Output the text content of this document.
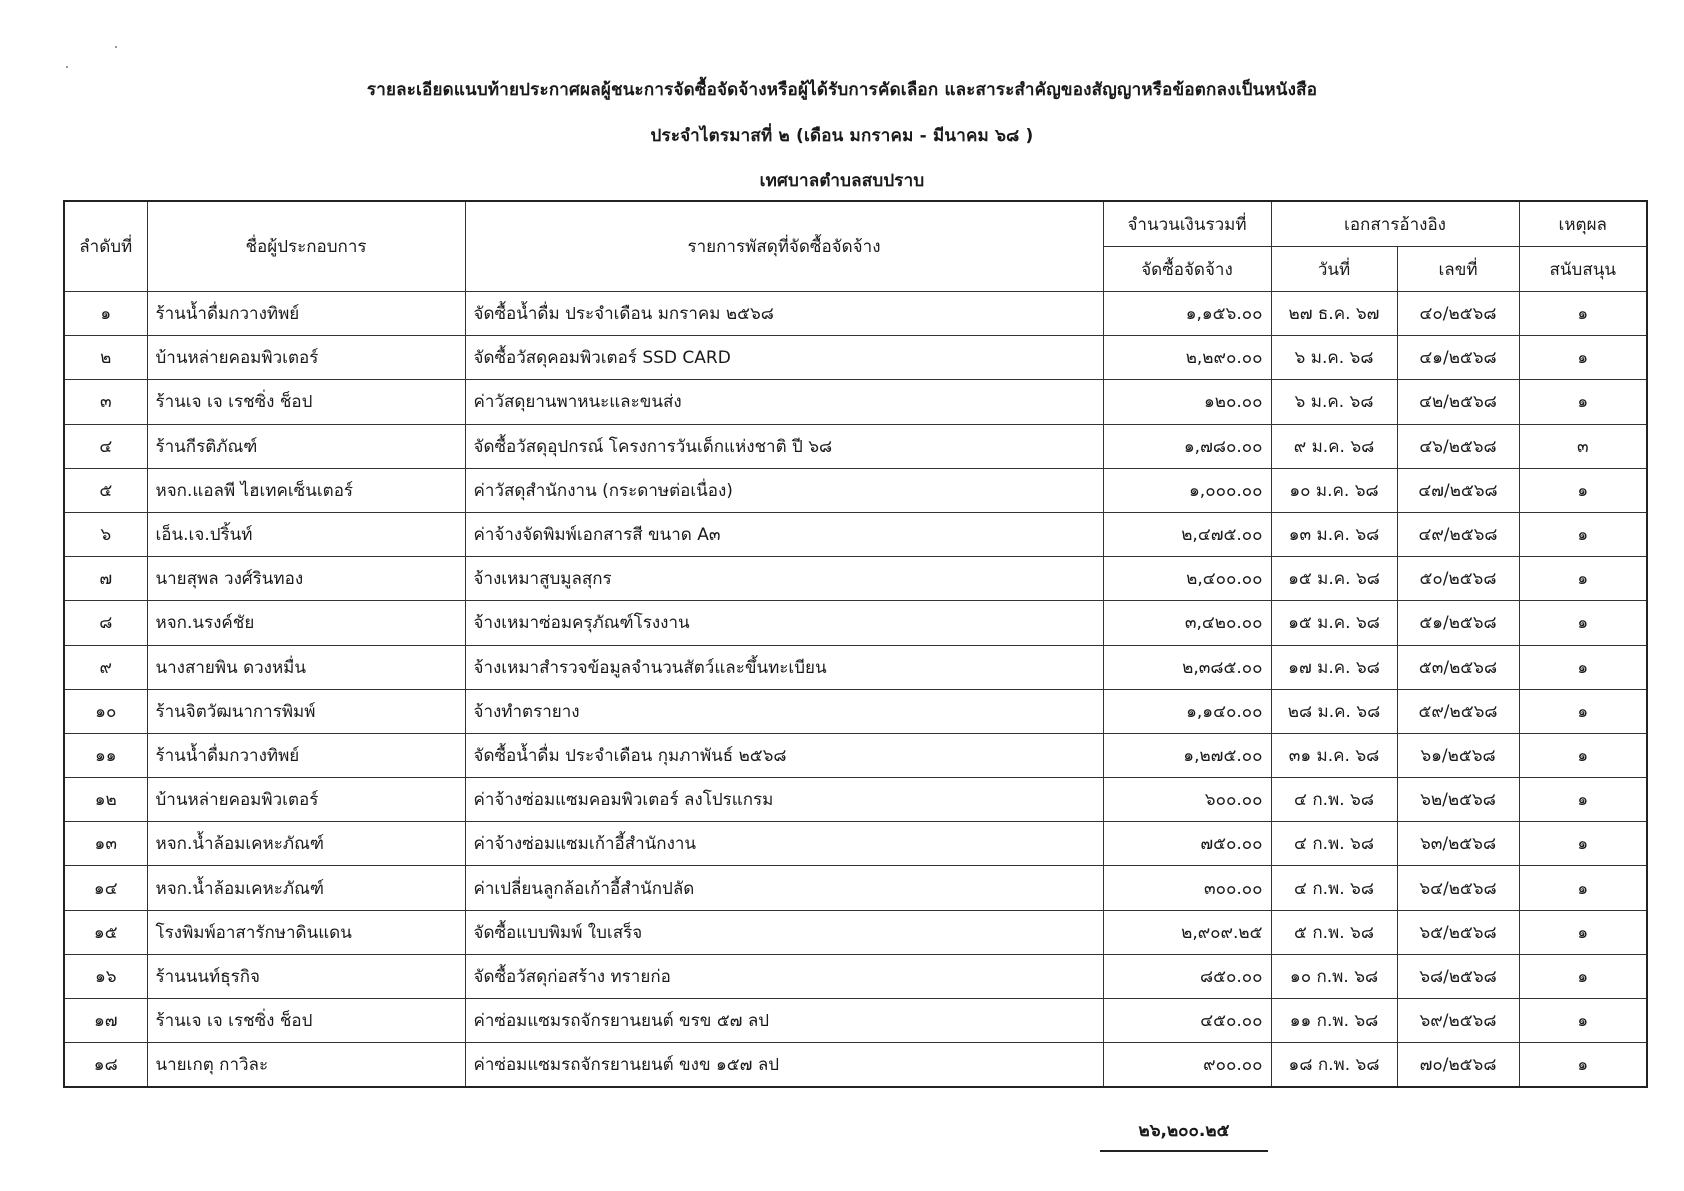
รายละเอียดแนบท้ายประกาศผลผู้ชนะการจัดซื้อจัดจ้างหรือผู้ได้รับการคัดเลือก และสาระสำคัญของสัญญาหรือข้อตกลงเป็นหนังสือ
ประจำไตรมาสที่ ๒ (เดือน มกราคม - มีนาคม ๖๘ )
เทศบาลตำบลสบปราบ
ลำดับที่	ชื่อผู้ประกอบการ	รายการพัสดุที่จัดซื้อจัดจ้าง	จำนวนเงินรวมที่	เอกสารอ้างอิง		เหตุผล
			จัดซื้อจัดจ้าง	วันที่	เลขที่	สนับสนุน
๑	ร้านน้ำดื่มกวางทิพย์	จัดซื้อน้ำดื่ม ประจำเดือน มกราคม ๒๕๖๘	๑,๑๕๖.๐๐	๒๗ ธ.ค. ๖๗	๔๐/๒๕๖๘	๑
๒	บ้านหล่ายคอมพิวเตอร์	จัดซื้อวัสดุคอมพิวเตอร์ SSD CARD	๒,๒๙๐.๐๐	๖ ม.ค. ๖๘	๔๑/๒๕๖๘	๑
๓	ร้านเจ เจ เรชซิ่ง ช็อป	ค่าวัสดุยานพาหนะและขนส่ง	๑๒๐.๐๐	๖ ม.ค. ๖๘	๔๒/๒๕๖๘	๑
๔	ร้านกีรติภัณฑ์	จัดซื้อวัสดุอุปกรณ์ โครงการวันเด็กแห่งชาติ ปี ๖๘	๑,๗๘๐.๐๐	๙ ม.ค. ๖๘	๔๖/๒๕๖๘	๓
๕	หจก.แอลพี ไฮเทคเซ็นเตอร์	ค่าวัสดุสำนักงาน (กระดาษต่อเนื่อง)	๑,๐๐๐.๐๐	๑๐ ม.ค. ๖๘	๔๗/๒๕๖๘	๑
๖	เอ็น.เจ.ปริ้นท์	ค่าจ้างจัดพิมพ์เอกสารสี ขนาด A๓	๒,๔๗๕.๐๐	๑๓ ม.ค. ๖๘	๔๙/๒๕๖๘	๑
๗	นายสุพล วงศ์รินทอง	จ้างเหมาสูบมูลสุกร	๒,๔๐๐.๐๐	๑๕ ม.ค. ๖๘	๕๐/๒๕๖๘	๑
๘	หจก.นรงค์ชัย	จ้างเหมาซ่อมครุภัณฑ์โรงงาน	๓,๔๒๐.๐๐	๑๕ ม.ค. ๖๘	๕๑/๒๕๖๘	๑
๙	นางสายพิน ดวงหมื่น	จ้างเหมาสำรวจข้อมูลจำนวนสัตว์และขึ้นทะเบียน	๒,๓๘๕.๐๐	๑๗ ม.ค. ๖๘	๕๓/๒๕๖๘	๑
๑๐	ร้านจิตวัฒนาการพิมพ์	จ้างทำตรายาง	๑,๑๔๐.๐๐	๒๘ ม.ค. ๖๘	๕๙/๒๕๖๘	๑
๑๑	ร้านน้ำดื่มกวางทิพย์	จัดซื้อน้ำดื่ม ประจำเดือน กุมภาพันธ์ ๒๕๖๘	๑,๒๗๕.๐๐	๓๑ ม.ค. ๖๘	๖๑/๒๕๖๘	๑
๑๒	บ้านหล่ายคอมพิวเตอร์	ค่าจ้างซ่อมแซมคอมพิวเตอร์ ลงโปรแกรม	๖๐๐.๐๐	๔ ก.พ. ๖๘	๖๒/๒๕๖๘	๑
๑๓	หจก.น้ำล้อมเคหะภัณฑ์	ค่าจ้างซ่อมแซมเก้าอี้สำนักงาน	๗๕๐.๐๐	๔ ก.พ. ๖๘	๖๓/๒๕๖๘	๑
๑๔	หจก.น้ำล้อมเคหะภัณฑ์	ค่าเปลี่ยนลูกล้อเก้าอี้สำนักปลัด	๓๐๐.๐๐	๔ ก.พ. ๖๘	๖๔/๒๕๖๘	๑
๑๕	โรงพิมพ์อาสารักษาดินแดน	จัดซื้อแบบพิมพ์ ใบเสร็จ	๒,๙๐๙.๒๕	๕ ก.พ. ๖๘	๖๕/๒๕๖๘	๑
๑๖	ร้านนนท์ธุรกิจ	จัดซื้อวัสดุก่อสร้าง ทรายก่อ	๘๕๐.๐๐	๑๐ ก.พ. ๖๘	๖๘/๒๕๖๘	๑
๑๗	ร้านเจ เจ เรชซิ่ง ช็อป	ค่าซ่อมแซมรถจักรยานยนต์ ขรข ๕๗ ลป	๔๕๐.๐๐	๑๑ ก.พ. ๖๘	๖๙/๒๕๖๘	๑
๑๘	นายเกตุ กาวิละ	ค่าซ่อมแซมรถจักรยานยนต์ ขงข ๑๕๗ ลป	๙๐๐.๐๐	๑๘ ก.พ. ๖๘	๗๐/๒๕๖๘	๑
๒๖,๒๐๐.๒๕
